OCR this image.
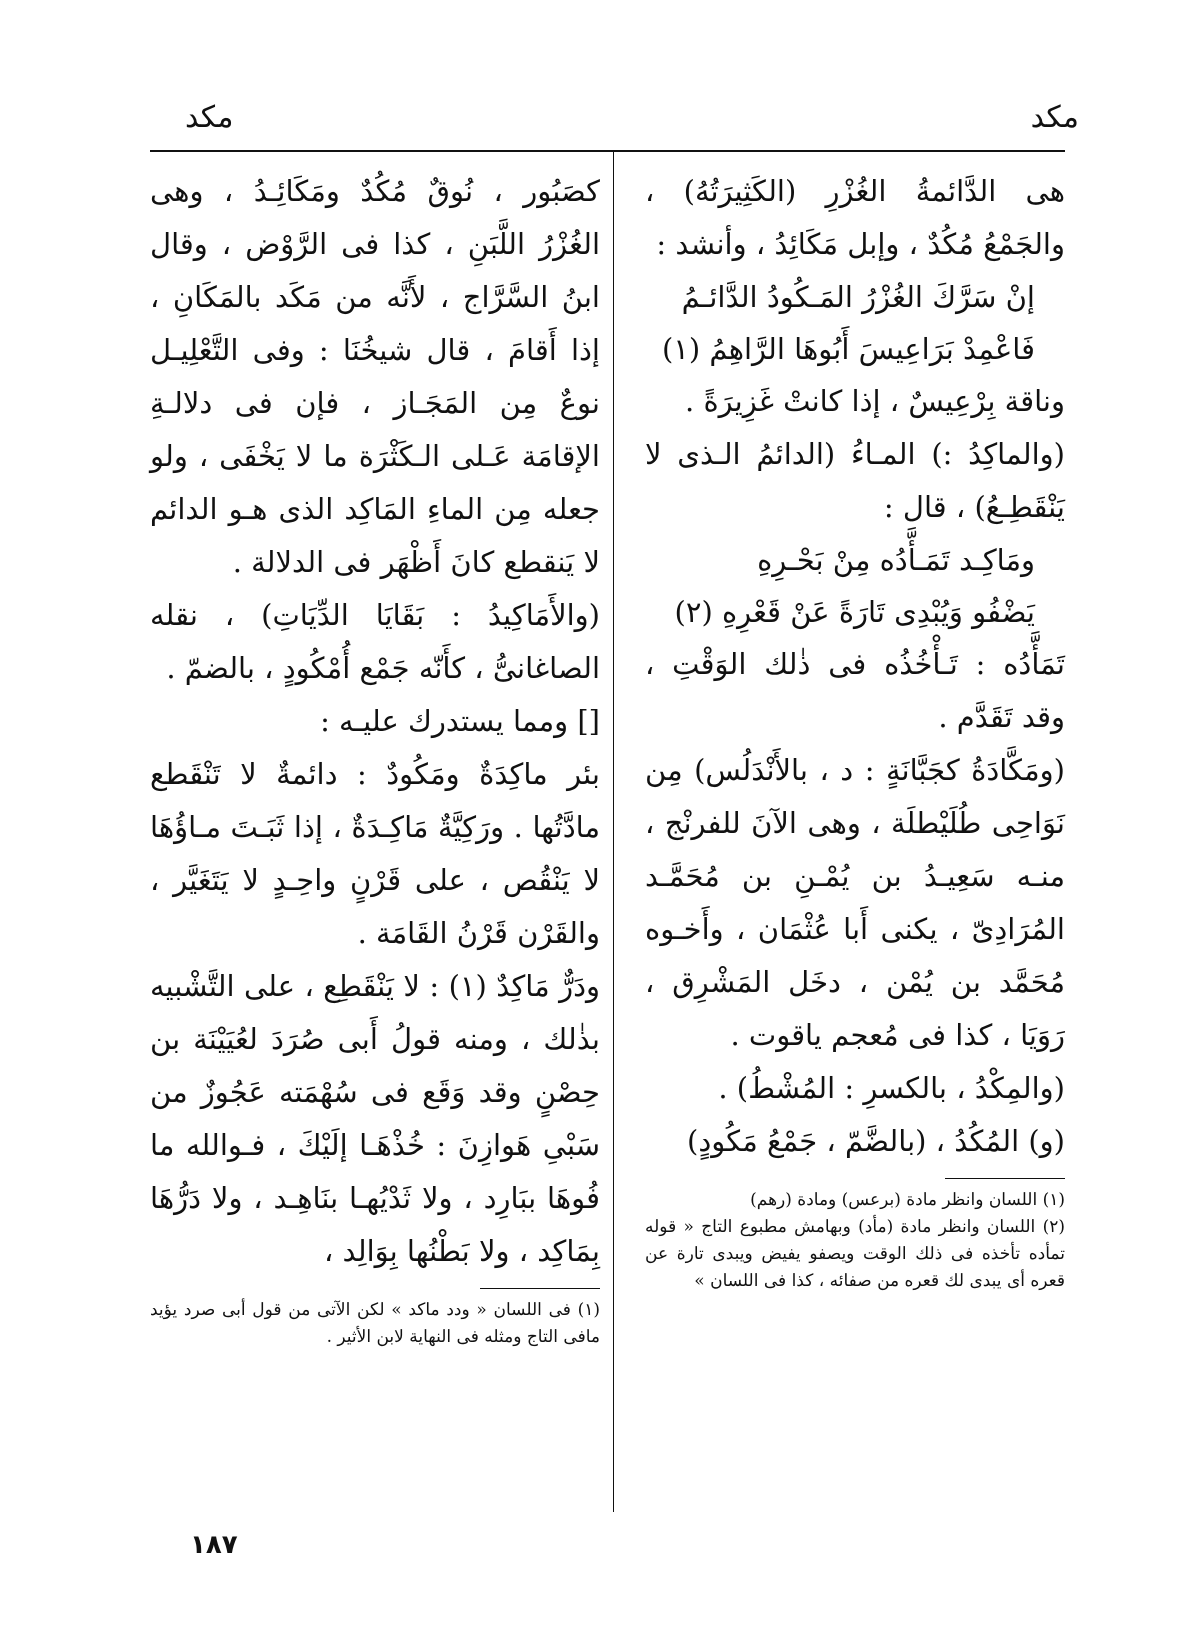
مكد
مكد

هى الدَّائمةُ الغُزْرِ (الكَثِيرَتُهُ) ، والجَمْعُ مُكُدٌ ، وإبل مَكَائِدُ ، وأنشد :

إنْ سَرَّكَ الغُزْرُ المَـكُودُ الدَّائـمُ

فَاعْمِدْ بَرَاعِيسَ أَبُوهَا الرَّاهِمُ (١)

وناقة بِرْعِيسٌ ، إذا كانتْ غَزِيرَةً .

(والماكِدُ :) المـاءُ (الدائمُ الـذى لا يَنْقَطِـعُ) ، قال :

ومَاكِـد تَمَـأَّدُه مِنْ بَحْـرِهِ

يَضْفُو وَيُبْدِى تَارَةً عَنْ قَعْرِهِ (٢)

تَمَأَّدُه : تَـأْخُذُه فى ذٰلك الوَقْتِ ، وقد تَقَدَّم .

(ومَكَّادَةُ كجَبَّانَةٍ : د ، بالأَنْدَلُس) مِن نَوَاحِى طُلَيْطلَة ، وهى الآنَ للفرنْج ، منـه سَعِيـدُ بن يُمْـنِ بن مُحَمَّـد المُرَادِىّ ، يكنى أَبا عُثْمَان ، وأَخـوه مُحَمَّد بن يُمْن ، دخَل المَشْرِق ، رَوَيَا ، كذا فى مُعجم ياقوت .

(والمِكْدُ ، بالكسرِ : المُشْطُ) .

(و) المُكُدُ ، (بالضَّمّ ، جَمْعُ مَكُودٍ)

(١) اللسان وانظر مادة (برعس) ومادة (رهم)

(٢) اللسان وانظر مادة (مأد) وبهامش مطبوع التاج « قوله تمأده تأخذه فى ذلك الوقت ويصفو يفيض ويبدى تارة عن قعره أى يبدى لك قعره من صفائه ، كذا فى اللسان »

كصَبُور ، نُوقٌ مُكُدٌ ومَكَائِـدُ ، وهى الغُزْرُ اللَّبَنِ ، كذا فى الرَّوْض ، وقال ابنُ السَّرَّاج ، لأَنَّه من مَكَد بالمَكَانِ ، إذا أَقامَ ، قال شيخُنَا : وفى التَّعْلِيـل نوعٌ مِن المَجَـاز ، فإن فى دلالـةِ الإقامَة عَـلى الـكَثْرَة ما لا يَخْفَى ، ولو جعله مِن الماءِ المَاكِد الذى هـو الدائم لا يَنقطع كانَ أَظْهَر فى الدلالة .

(والأَمَاكِيدُ : بَقَايَا الدِّيَاتِ) ، نقله الصاغانىُّ ، كأَنّه جَمْع أُمْكُودٍ ، بالضمّ .

[] ومما يستدرك عليـه :

بئر ماكِدَةٌ ومَكُودٌ : دائمةٌ لا تَنْقَطع مادَّتُها . ورَكِيَّةٌ مَاكِـدَةٌ ، إذا ثَبَـتَ مـاؤُهَا لا يَنْقُص ، على قَرْنٍ واحِـدٍ لا يَتَغَيَّر ، والقَرْن قَرْنُ القَامَة .

ودَرٌّ مَاكِدٌ (١) : لا يَنْقَطِع ، على التَّشْبيه بذٰلك ، ومنه قولُ أَبى صُرَدَ لعُيَيْنَة بن حِصْنٍ وقد وَقَع فى سُهْمَته عَجُوزٌ من سَبْىِ هَوازِنَ : خُذْهَـا إلَيْكَ ، فـوالله ما فُوهَا ببَارِد ، ولا ثَدْيُهـا بنَاهِـد ، ولا دَرُّهَا بِمَاكِد ، ولا بَطْنُها بِوَالِد ،

(١) فى اللسان « ودد ماكد » لكن الآتى من قول أبى صرد يؤيد مافى التاج ومثله فى النهاية لابن الأثير .

١٨٧
